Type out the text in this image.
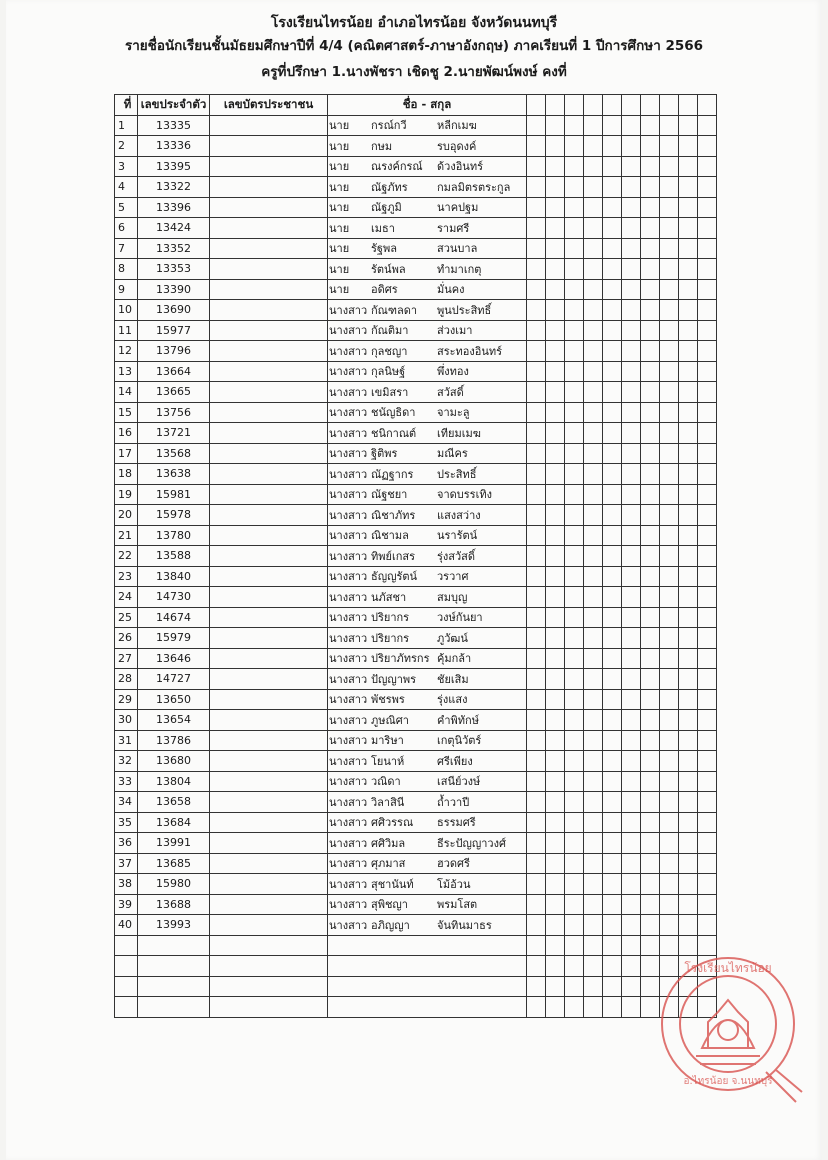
โรงเรียนไทรน้อย อำเภอไทรน้อย จังหวัดนนทบุรี
รายชื่อนักเรียนชั้นมัธยมศึกษาปีที่ 4/4 (คณิตศาสตร์-ภาษาอังกฤษ) ภาคเรียนที่ 1 ปีการศึกษา 2566
ครูที่ปรึกษา 1.นางพัชรา เชิดชู 2.นายพัฒน์พงษ์ คงที่
ที่	เลขประจำตัว	เลขบัตรประชาชน	ชื่อ - สกุล										
1	13335		นาย กรณ์กวี หลีกเมฆ										

2	13336		นาย กษม รบอุดงค์										

3	13395		นาย ณรงค์กรณ์ ด้วงอินทร์										

4	13322		นาย ณัฐภัทร กมลมิตรตระกูล										

5	13396		นาย ณัฐภูมิ นาคปฐม										

6	13424		นาย เมธา รามศรี										

7	13352		นาย รัฐพล สวนบาล										

8	13353		นาย รัตน์พล ทำมาเกตุ										

9	13390		นาย อดิศร มั่นคง										

10	13690		นางสาว กัณฑลดา พูนประสิทธิ์										

11	15977		นางสาว กัณติมา ส่วงเมา										

12	13796		นางสาว กุลชญา สระทองอินทร์										

13	13664		นางสาว กุลนิษฐ์ พึ่งทอง										

14	13665		นางสาว เขมิสรา สวัสดิ์										

15	13756		นางสาว ชนัญธิดา จามะลู										

16	13721		นางสาว ชนิกาณต์ เทียมเมฆ										

17	13568		นางสาว ฐิติพร มณีคร										

18	13638		นางสาว ณัฏฐากร ประสิทธิ์										

19	15981		นางสาว ณัฐชยา จาดบรรเทิง										

20	15978		นางสาว ณิชาภัทร แสงสว่าง										

21	13780		นางสาว ณิชามล นรารัตน์										

22	13588		นางสาว ทิพย์เกสร รุ่งสวัสดิ์										

23	13840		นางสาว ธัญญรัตน์ วรวาศ										

24	14730		นางสาว นภัสชา สมบุญ										

25	14674		นางสาว ปริยากร วงษ์กันยา										

26	15979		นางสาว ปริยากร ภูวัฒน์										

27	13646		นางสาว ปริยาภัทรกร คุ้มกล้า										

28	14727		นางสาว ปัญญาพร ชัยเสิม										

29	13650		นางสาว พัชรพร รุ่งแสง										

30	13654		นางสาว ภูษณิศา คำพิทักษ์										

31	13786		นางสาว มาริษา เกตุนิวัตร์										

32	13680		นางสาว โยนาห์ ศรีเพียง										

33	13804		นางสาว วณิดา เสนีย์วงษ์										

34	13658		นางสาว วิลาสินี ถ้ำวาปี										

35	13684		นางสาว ศศิวรรณ ธรรมศรี										

36	13991		นางสาว ศศิวิมล ธีระปัญญาวงศ์										

37	13685		นางสาว ศุภมาส ฮวดศรี										

38	15980		นางสาว สุชานันท์ โม้อ้วน										

39	13688		นางสาว สุพิชญา พรมโสต										

40	13993		นางสาว อภิญญา จันทินมาธร										

โรงเรียนไทรน้อย
อ.ไทรน้อย จ.นนทบุรี
